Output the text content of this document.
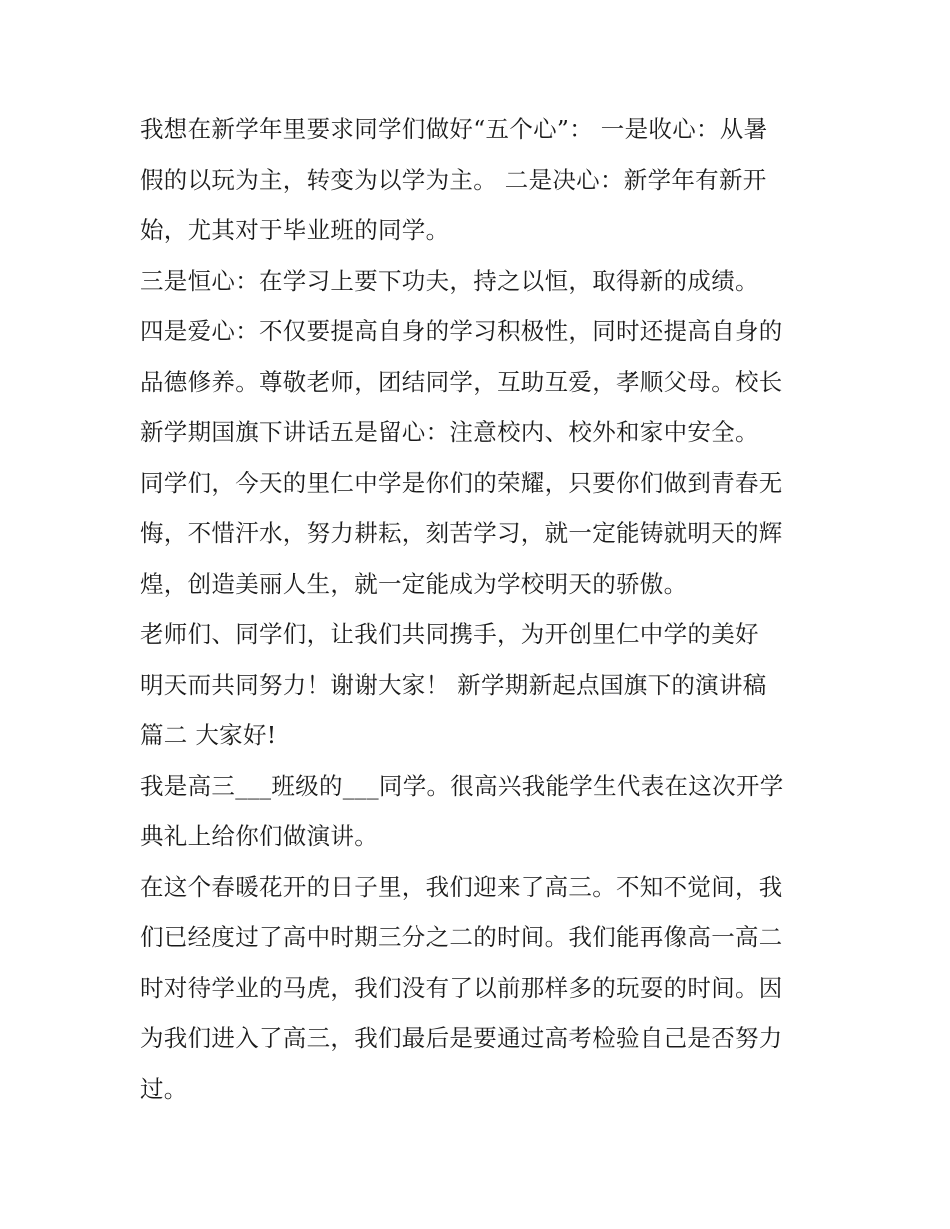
我想在新学年里要求同学们做好“五个心”： 一是收心：从暑
假的以玩为主，转变为以学为主。 二是决心：新学年有新开
始，尤其对于毕业班的同学。

三是恒心：在学习上要下功夫，持之以恒，取得新的成绩。

四是爱心：不仅要提高自身的学习积极性，同时还提高自身的
品德修养。尊敬老师，团结同学，互助互爱，孝顺父母。校长
新学期国旗下讲话五是留心：注意校内、校外和家中安全。

同学们，今天的里仁中学是你们的荣耀，只要你们做到青春无
悔，不惜汗水，努力耕耘，刻苦学习，就一定能铸就明天的辉
煌，创造美丽人生，就一定能成为学校明天的骄傲。

老师们、同学们，让我们共同携手，为开创里仁中学的美好
明天而共同努力！谢谢大家！ 新学期新起点国旗下的演讲稿
篇二 大家好!

我是高三___班级的___同学。很高兴我能学生代表在这次开学
典礼上给你们做演讲。

在这个春暖花开的日子里，我们迎来了高三。不知不觉间，我
们已经度过了高中时期三分之二的时间。我们能再像高一高二
时对待学业的马虎，我们没有了以前那样多的玩耍的时间。因
为我们进入了高三，我们最后是要通过高考检验自己是否努力
过。
